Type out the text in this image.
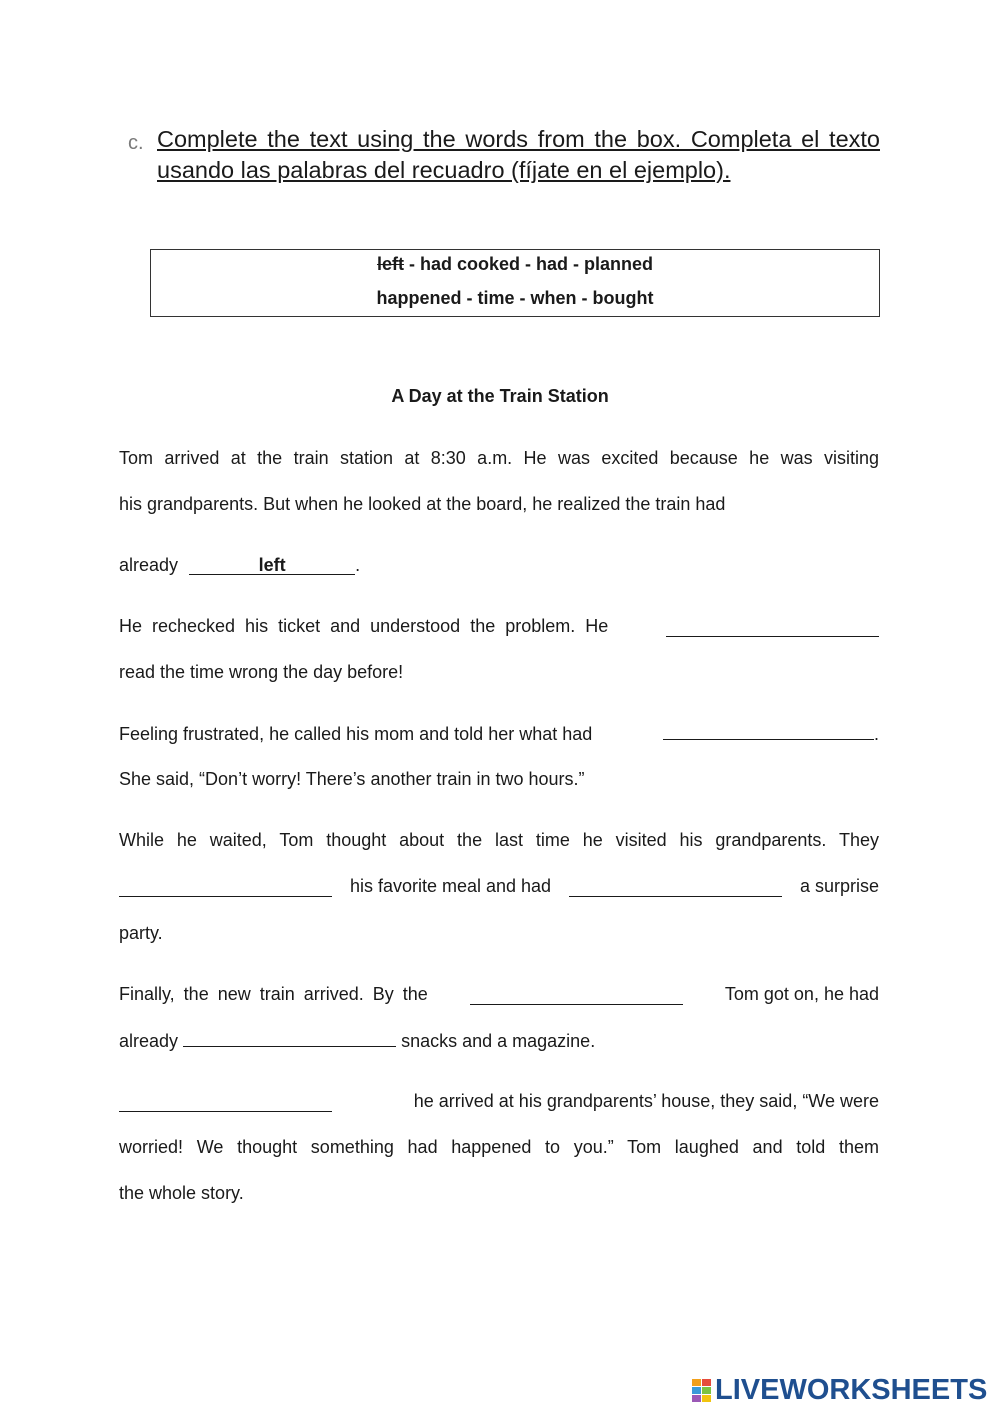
c. Complete the text using the words from the box. Completa el texto usando las palabras del recuadro (fíjate en el ejemplo).
left - had cooked - had - planned
happened - time - when - bought
A Day at the Train Station
Tom arrived at the train station at 8:30 a.m. He was excited because he was visiting
his grandparents. But when he looked at the board, he realized the train had
already	left	.
He rechecked his ticket and understood the problem. He
read the time wrong the day before!
Feeling frustrated, he called his mom and told her what had	.
She said, “Don’t worry! There’s another train in two hours.”
While he waited, Tom thought about the last time he visited his grandparents. They
his favorite meal and had	a surprise
party.
Finally, the new train arrived. By the	Tom got on, he had
already	snacks and a magazine.
he arrived at his grandparents’ house, they said, “We were
worried! We thought something had happened to you.” Tom laughed and told them
the whole story.
LIVEWORKSHEETS
